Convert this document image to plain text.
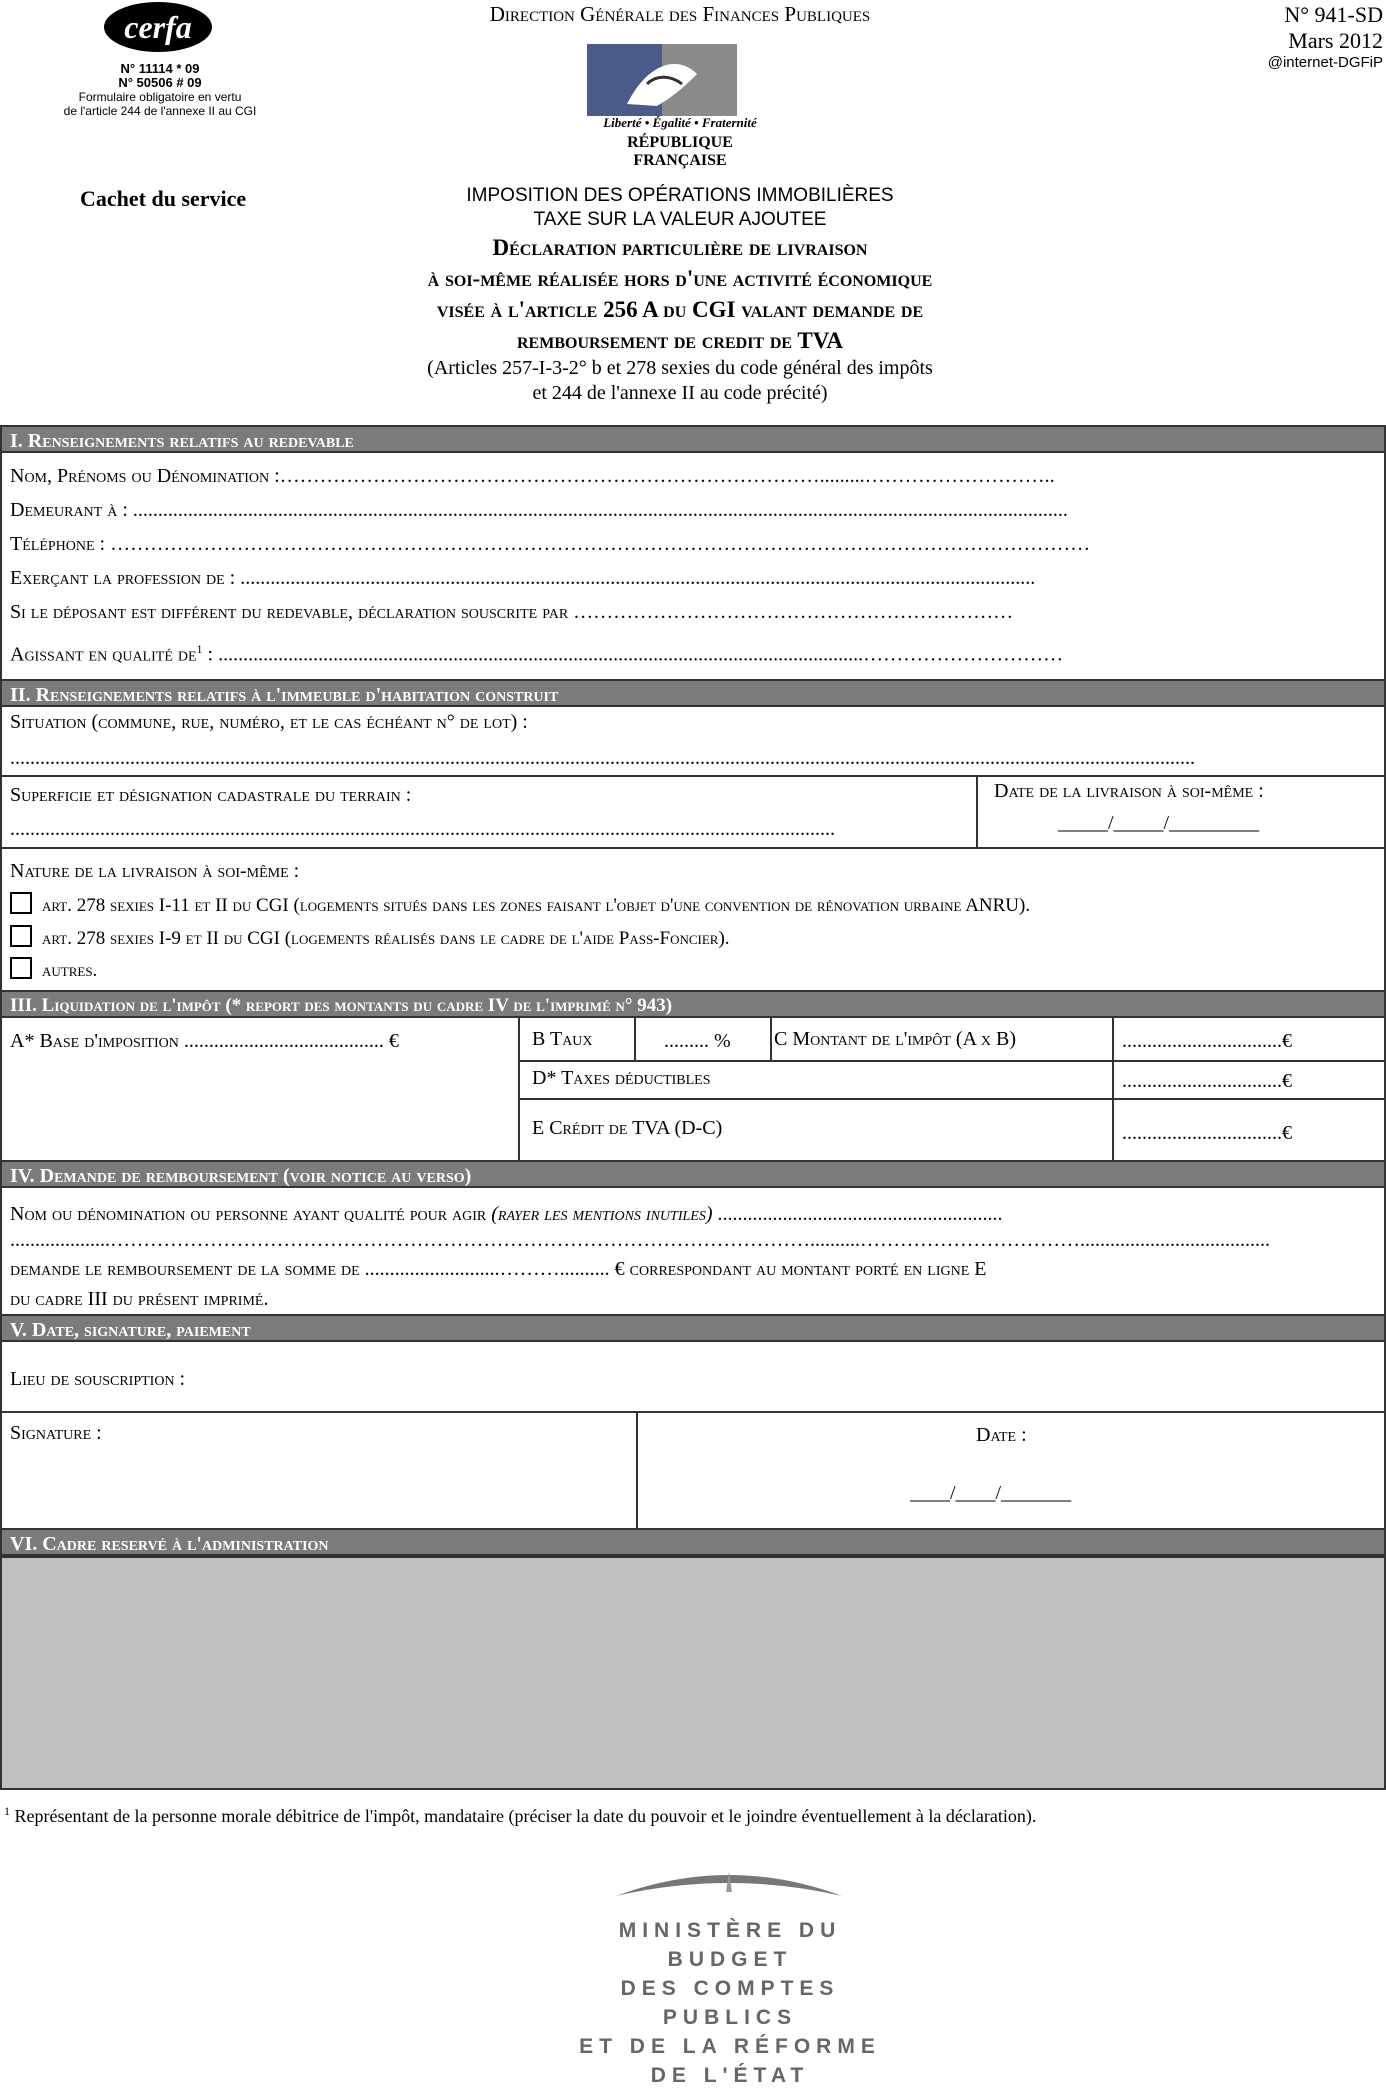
cerfa
N° 11114 * 09
N° 50506 # 09
Formulaire obligatoire en vertu
de l'article 244 de l'annexe II au CGI
Direction Générale des Finances Publiques
Liberté • Égalité • Fraternité
RÉPUBLIQUE FRANÇAISE
N° 941-SD
Mars 2012
@internet-DGFiP
Cachet du service	IMPOSITION DES OPÉRATIONS IMMOBILIÈRES
TAXE SUR LA VALEUR AJOUTEE
Déclaration particulière de livraison
à soi-même réalisée hors d'une activité économique
visée à l'article 256 A du CGI valant demande de
remboursement de credit de TVA
(Articles 257-I-3-2° b et 278 sexies du code général des impôts
et 244 de l'annexe II au code précité)
I. Renseignements relatifs au redevable
Nom, Prénoms ou Dénomination :……………………………………………………………………….........………………………..
Demeurant à : ...........................................................................................................................................................................................
Téléphone : …………………………………………………………………………………………………………………………………
Exerçant la profession de : ...............................................................................................................................................................
Si le déposant est différent du redevable, déclaration souscrite par …………………………………………………………
Agissant en qualité $de^1$ : .................................................................................................................................…………………………
II. Renseignements relatifs à l'immeuble d'habitation construit
Situation (commune, rue, numéro, et le cas échéant n° de lot) :
.............................................................................................................................................................................................................................................
Superficie et désignation cadastrale du terrain :
.....................................................................................................................................................................
Date de la livraison à soi-même :
_____/_____/_________
Nature de la livraison à soi-même :
art. 278 sexies I-11 et II du CGI (logements situés dans les zones faisant l'objet d'une convention de rénovation urbaine ANRU).
art. 278 sexies I-9 et II du CGI (logements réalisés dans le cadre de l'aide Pass-Foncier).
autres.
III. Liquidation de l'impôt (* report des montants du cadre IV de l'imprimé n° 943)
A* Base d'imposition ........................................ €	B Taux	......... %	C Montant de l'impôt (A x B)	................................€
D* Taxes déductibles	................................€
E Crédit de TVA (D-C)	................................€
IV. Demande de remboursement (voir notice au verso)
Nom ou dénomination ou personne ayant qualité pour agir (rayer les mentions inutiles) .........................................................
....................……………………………………………………………………………………………..........……………………………......................................
demande le remboursement de la somme de ...........................……….......... € correspondant au montant porté en ligne E
du cadre III du présent imprimé.
V. Date, signature, paiement
Lieu de souscription :
Signature :	Date :
____/____/_______
VI. Cadre reservé à l'administration
$^1$ Représentant de la personne morale débitrice de l'impôt, mandataire (préciser la date du pouvoir et le joindre éventuellement à la déclaration).
MINISTÈRE DU BUDGET
DES COMPTES PUBLICS
ET DE LA RÉFORME DE L'ÉTAT
